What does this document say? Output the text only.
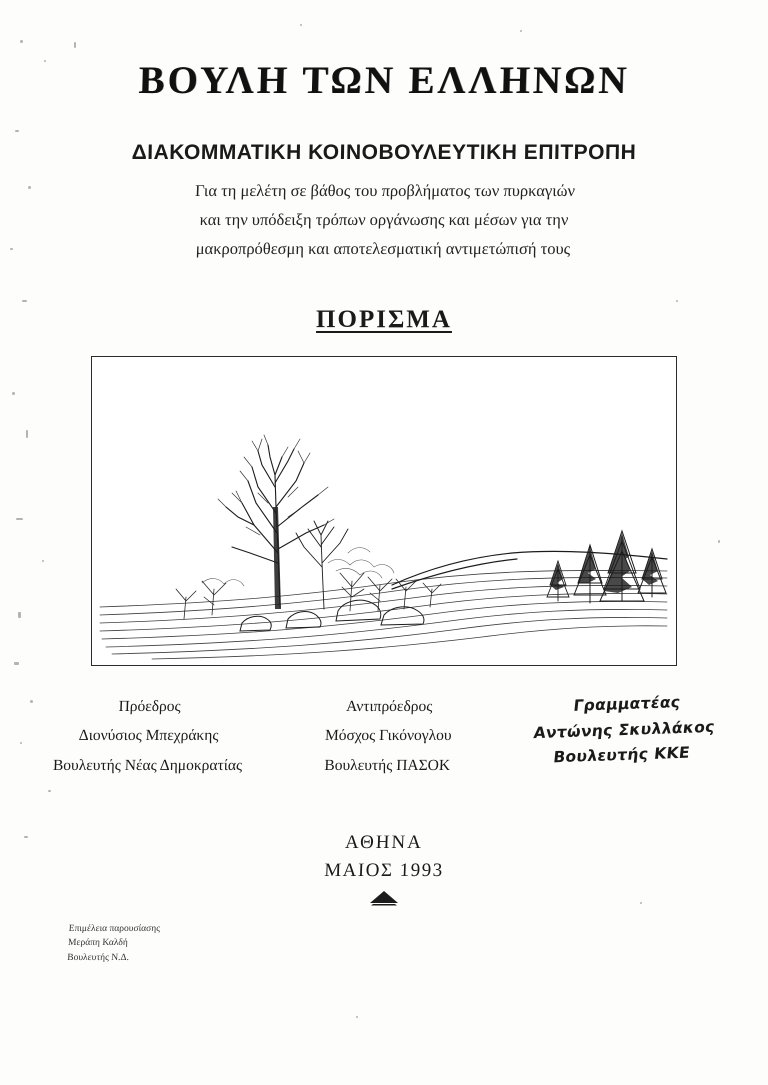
ΒΟΥΛΗ ΤΩΝ ΕΛΛΗΝΩΝ
ΔΙΑΚΟΜΜΑΤΙΚΗ ΚΟΙΝΟΒΟΥΛΕΥΤΙΚΗ ΕΠΙΤΡΟΠΗ
Για τη μελέτη σε βάθος του προβλήματος των πυρκαγιών
και την υπόδειξη τρόπων οργάνωσης και μέσων για την
μακροπρόθεσμη και αποτελεσματική αντιμετώπισή τους
ΠΟΡΙΣΜΑ
Πρόεδρος
Διονύσιος Μπεχράκης
Βουλευτής Νέας Δημοκρατίας
Αντιπρόεδρος
Μόσχος Γικόνογλου
Βουλευτής ΠΑΣΟΚ
Γραμματέας
Αντώνης Σκυλλάκος
Βουλευτής ΚΚΕ
ΑΘΗΝΑ
ΜΑΙΟΣ 1993
Επιμέλεια παρουσίασης
Μεράπη Καλδή
Βουλευτής Ν.Δ.
